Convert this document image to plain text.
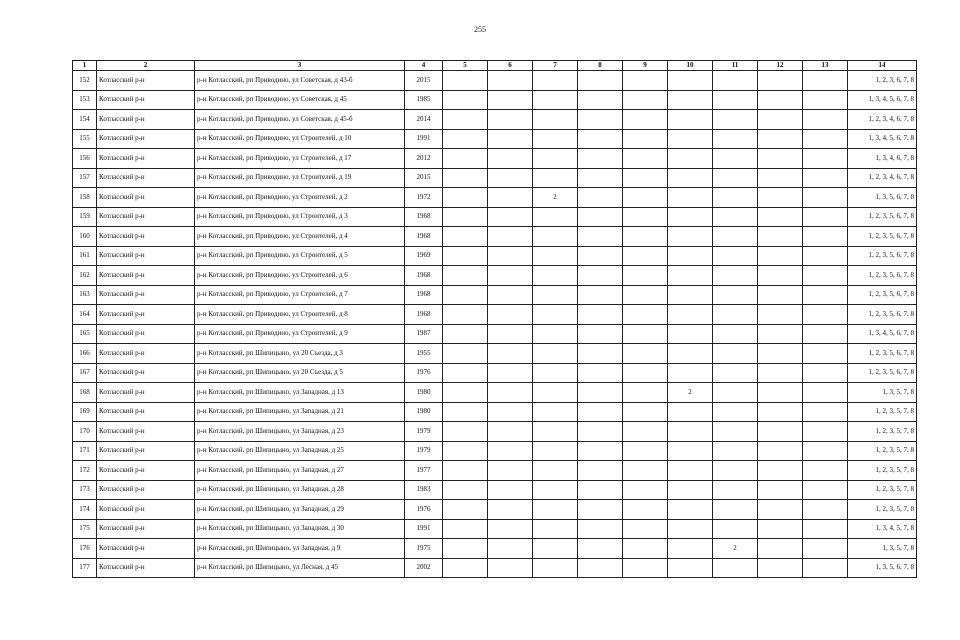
255
1	2	3	4	5	6	7	8	9	10	11	12	13	14
152	Котласский р-н	р-н Котласский, рп Приводино, ул Советская, д 43-б	2015										1, 2, 3, 6, 7, 8
153	Котласский р-н	р-н Котласский, рп Приводино, ул Советская, д 45	1985										1, 3, 4, 5, 6, 7, 8
154	Котласский р-н	р-н Котласский, рп Приводино, ул Советская, д 45-б	2014										1, 2, 3, 4, 6, 7, 8
155	Котласский р-н	р-н Котласский, рп Приводино, ул Строителей, д 10	1991										1, 3, 4, 5, 6, 7, 8
156	Котласский р-н	р-н Котласский, рп Приводино, ул Строителей, д 17	2012										1, 3, 4, 6, 7, 8
157	Котласский р-н	р-н Котласский, рп Приводино, ул Строителей, д 19	2015										1, 2, 3, 4, 6, 7, 8
158	Котласский р-н	р-н Котласский, рп Приводино, ул Строителей, д 2	1972			2							1, 3, 5, 6, 7, 8
159	Котласский р-н	р-н Котласский, рп Приводино, ул Строителей, д 3	1968										1, 2, 3, 5, 6, 7, 8
160	Котласский р-н	р-н Котласский, рп Приводино, ул Строителей, д 4	1968										1, 2, 3, 5, 6, 7, 8
161	Котласский р-н	р-н Котласский, рп Приводино, ул Строителей, д 5	1969										1, 2, 3, 5, 6, 7, 8
162	Котласский р-н	р-н Котласский, рп Приводино, ул Строителей, д 6	1968										1, 2, 3, 5, 6, 7, 8
163	Котласский р-н	р-н Котласский, рп Приводино, ул Строителей, д 7	1968										1, 2, 3, 5, 6, 7, 8
164	Котласский р-н	р-н Котласский, рп Приводино, ул Строителей, д 8	1968										1, 2, 3, 5, 6, 7, 8
165	Котласский р-н	р-н Котласский, рп Приводино, ул Строителей, д 9	1987										1, 3, 4, 5, 6, 7, 8
166	Котласский р-н	р-н Котласский, рп Шипицыно, ул 20 Съезда, д 3	1955										1, 2, 3, 5, 6, 7, 8
167	Котласский р-н	р-н Котласский, рп Шипицыно, ул 20 Съезда, д 5	1976										1, 2, 3, 5, 6, 7, 8
168	Котласский р-н	р-н Котласский, рп Шипицыно, ул Западная, д 13	1980						2				1, 3, 5, 7, 8
169	Котласский р-н	р-н Котласский, рп Шипицыно, ул Западная, д 21	1980										1, 2, 3, 5, 7, 8
170	Котласский р-н	р-н Котласский, рп Шипицыно, ул Западная, д 23	1979										1, 2, 3, 5, 7, 8
171	Котласский р-н	р-н Котласский, рп Шипицыно, ул Западная, д 25	1979										1, 2, 3, 5, 7, 8
172	Котласский р-н	р-н Котласский, рп Шипицыно, ул Западная, д 27	1977										1, 2, 3, 5, 7, 8
173	Котласский р-н	р-н Котласский, рп Шипицыно, ул Западная, д 28	1983										1, 2, 3, 5, 7, 8
174	Котласский р-н	р-н Котласский, рп Шипицыно, ул Западная, д 29	1976										1, 2, 3, 5, 7, 8
175	Котласский р-н	р-н Котласский, рп Шипицыно, ул Западная, д 30	1991										1, 3, 4, 5, 7, 8
176	Котласский р-н	р-н Котласский, рп Шипицыно, ул Западная, д 9	1975							2			1, 3, 5, 7, 8
177	Котласский р-н	р-н Котласский, рп Шипицыно, ул Лесная, д 45	2002										1, 3, 5, 6, 7, 8
